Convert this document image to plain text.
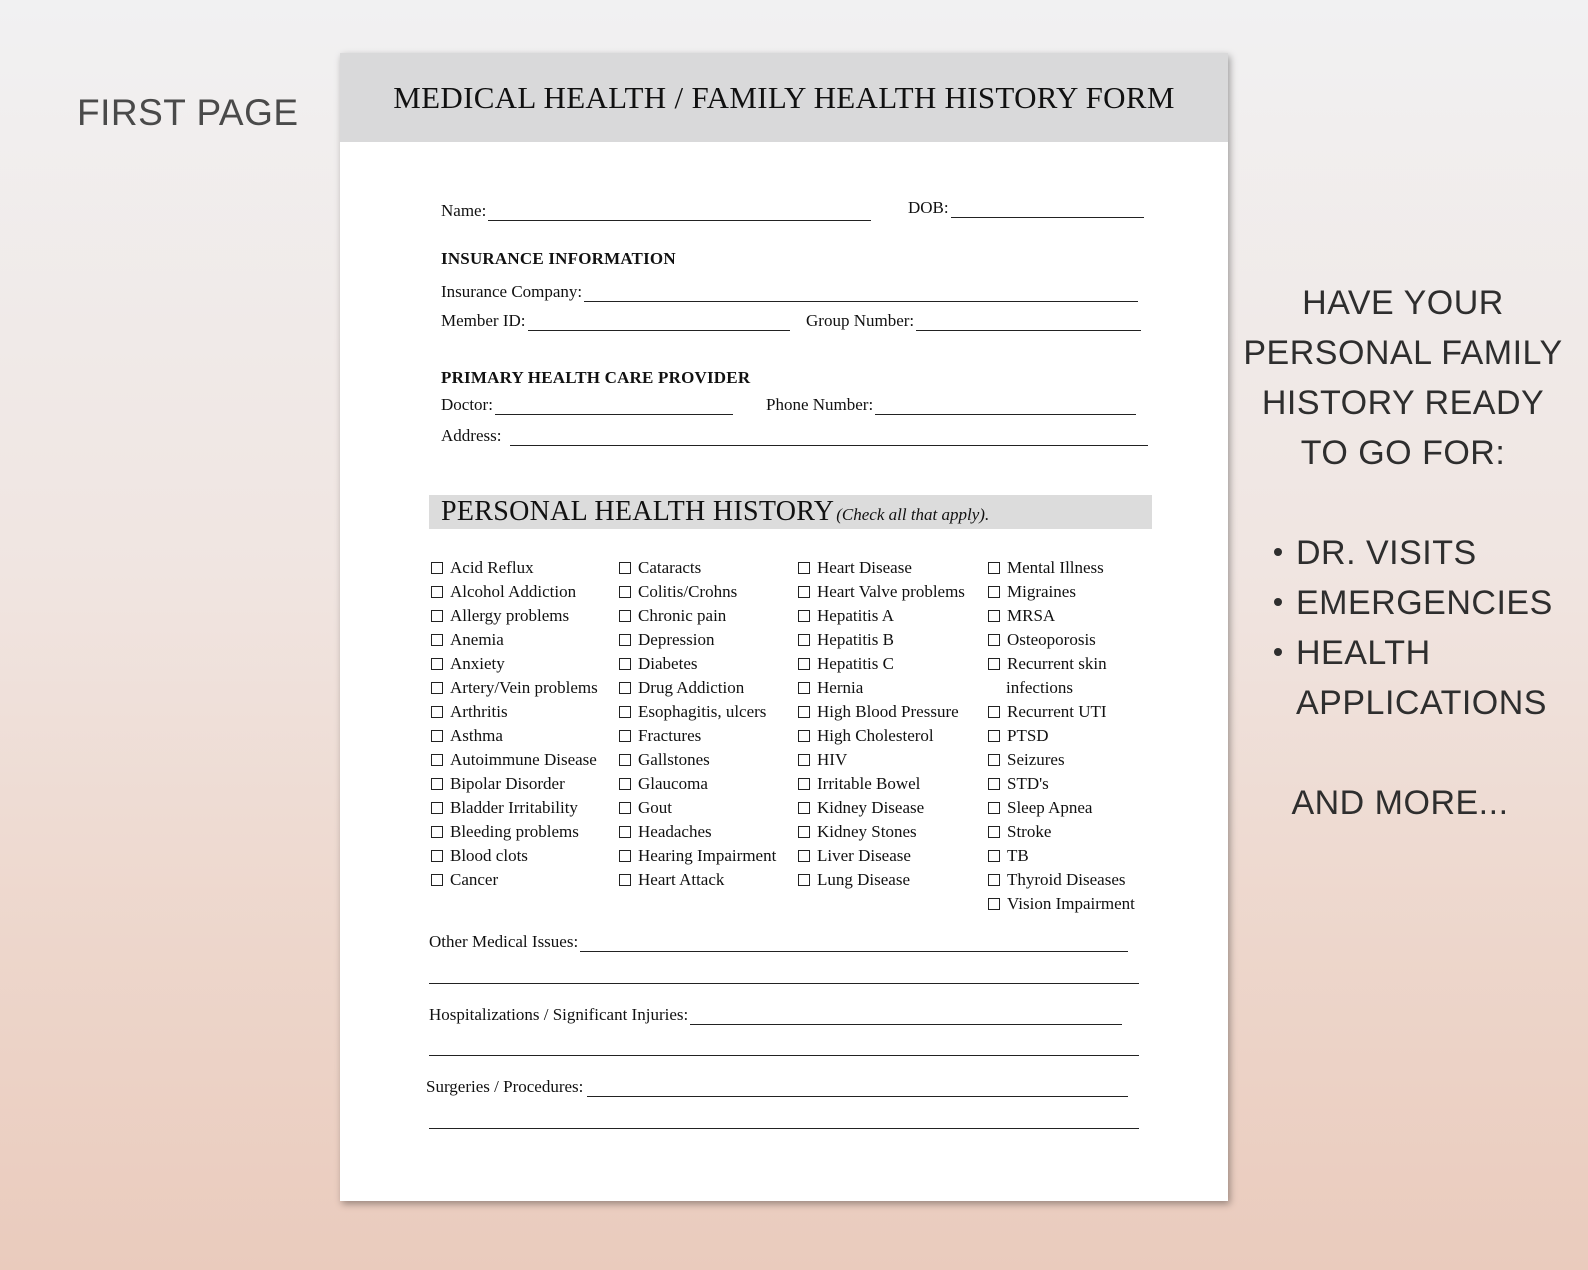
FIRST PAGE
HAVE YOUR
PERSONAL FAMILY
HISTORY READY
TO GO FOR:
DR. VISITS
EMERGENCIES
HEALTH
APPLICATIONS
AND MORE...
MEDICAL HEALTH / FAMILY HEALTH HISTORY FORM
Name:	DOB:
INSURANCE INFORMATION
Insurance Company:
Member ID:	Group Number:
PRIMARY HEALTH CARE PROVIDER
Doctor:	Phone Number:
Address:
PERSONAL HEALTH HISTORY (Check all that apply).
Acid Reflux
Alcohol Addiction
Allergy problems
Anemia
Anxiety
Artery/Vein problems
Arthritis
Asthma
Autoimmune Disease
Bipolar Disorder
Bladder Irritability
Bleeding problems
Blood clots
Cancer
Cataracts
Colitis/Crohns
Chronic pain
Depression
Diabetes
Drug Addiction
Esophagitis, ulcers
Fractures
Gallstones
Glaucoma
Gout
Headaches
Hearing Impairment
Heart Attack
Heart Disease
Heart Valve problems
Hepatitis A
Hepatitis B
Hepatitis C
Hernia
High Blood Pressure
High Cholesterol
HIV
Irritable Bowel
Kidney Disease
Kidney Stones
Liver Disease
Lung Disease
Mental Illness
Migraines
MRSA
Osteoporosis
Recurrent skin
infections
Recurrent UTI
PTSD
Seizures
STD's
Sleep Apnea
Stroke
TB
Thyroid Diseases
Vision Impairment
Other Medical Issues:
Hospitalizations / Significant Injuries:
Surgeries / Procedures:
